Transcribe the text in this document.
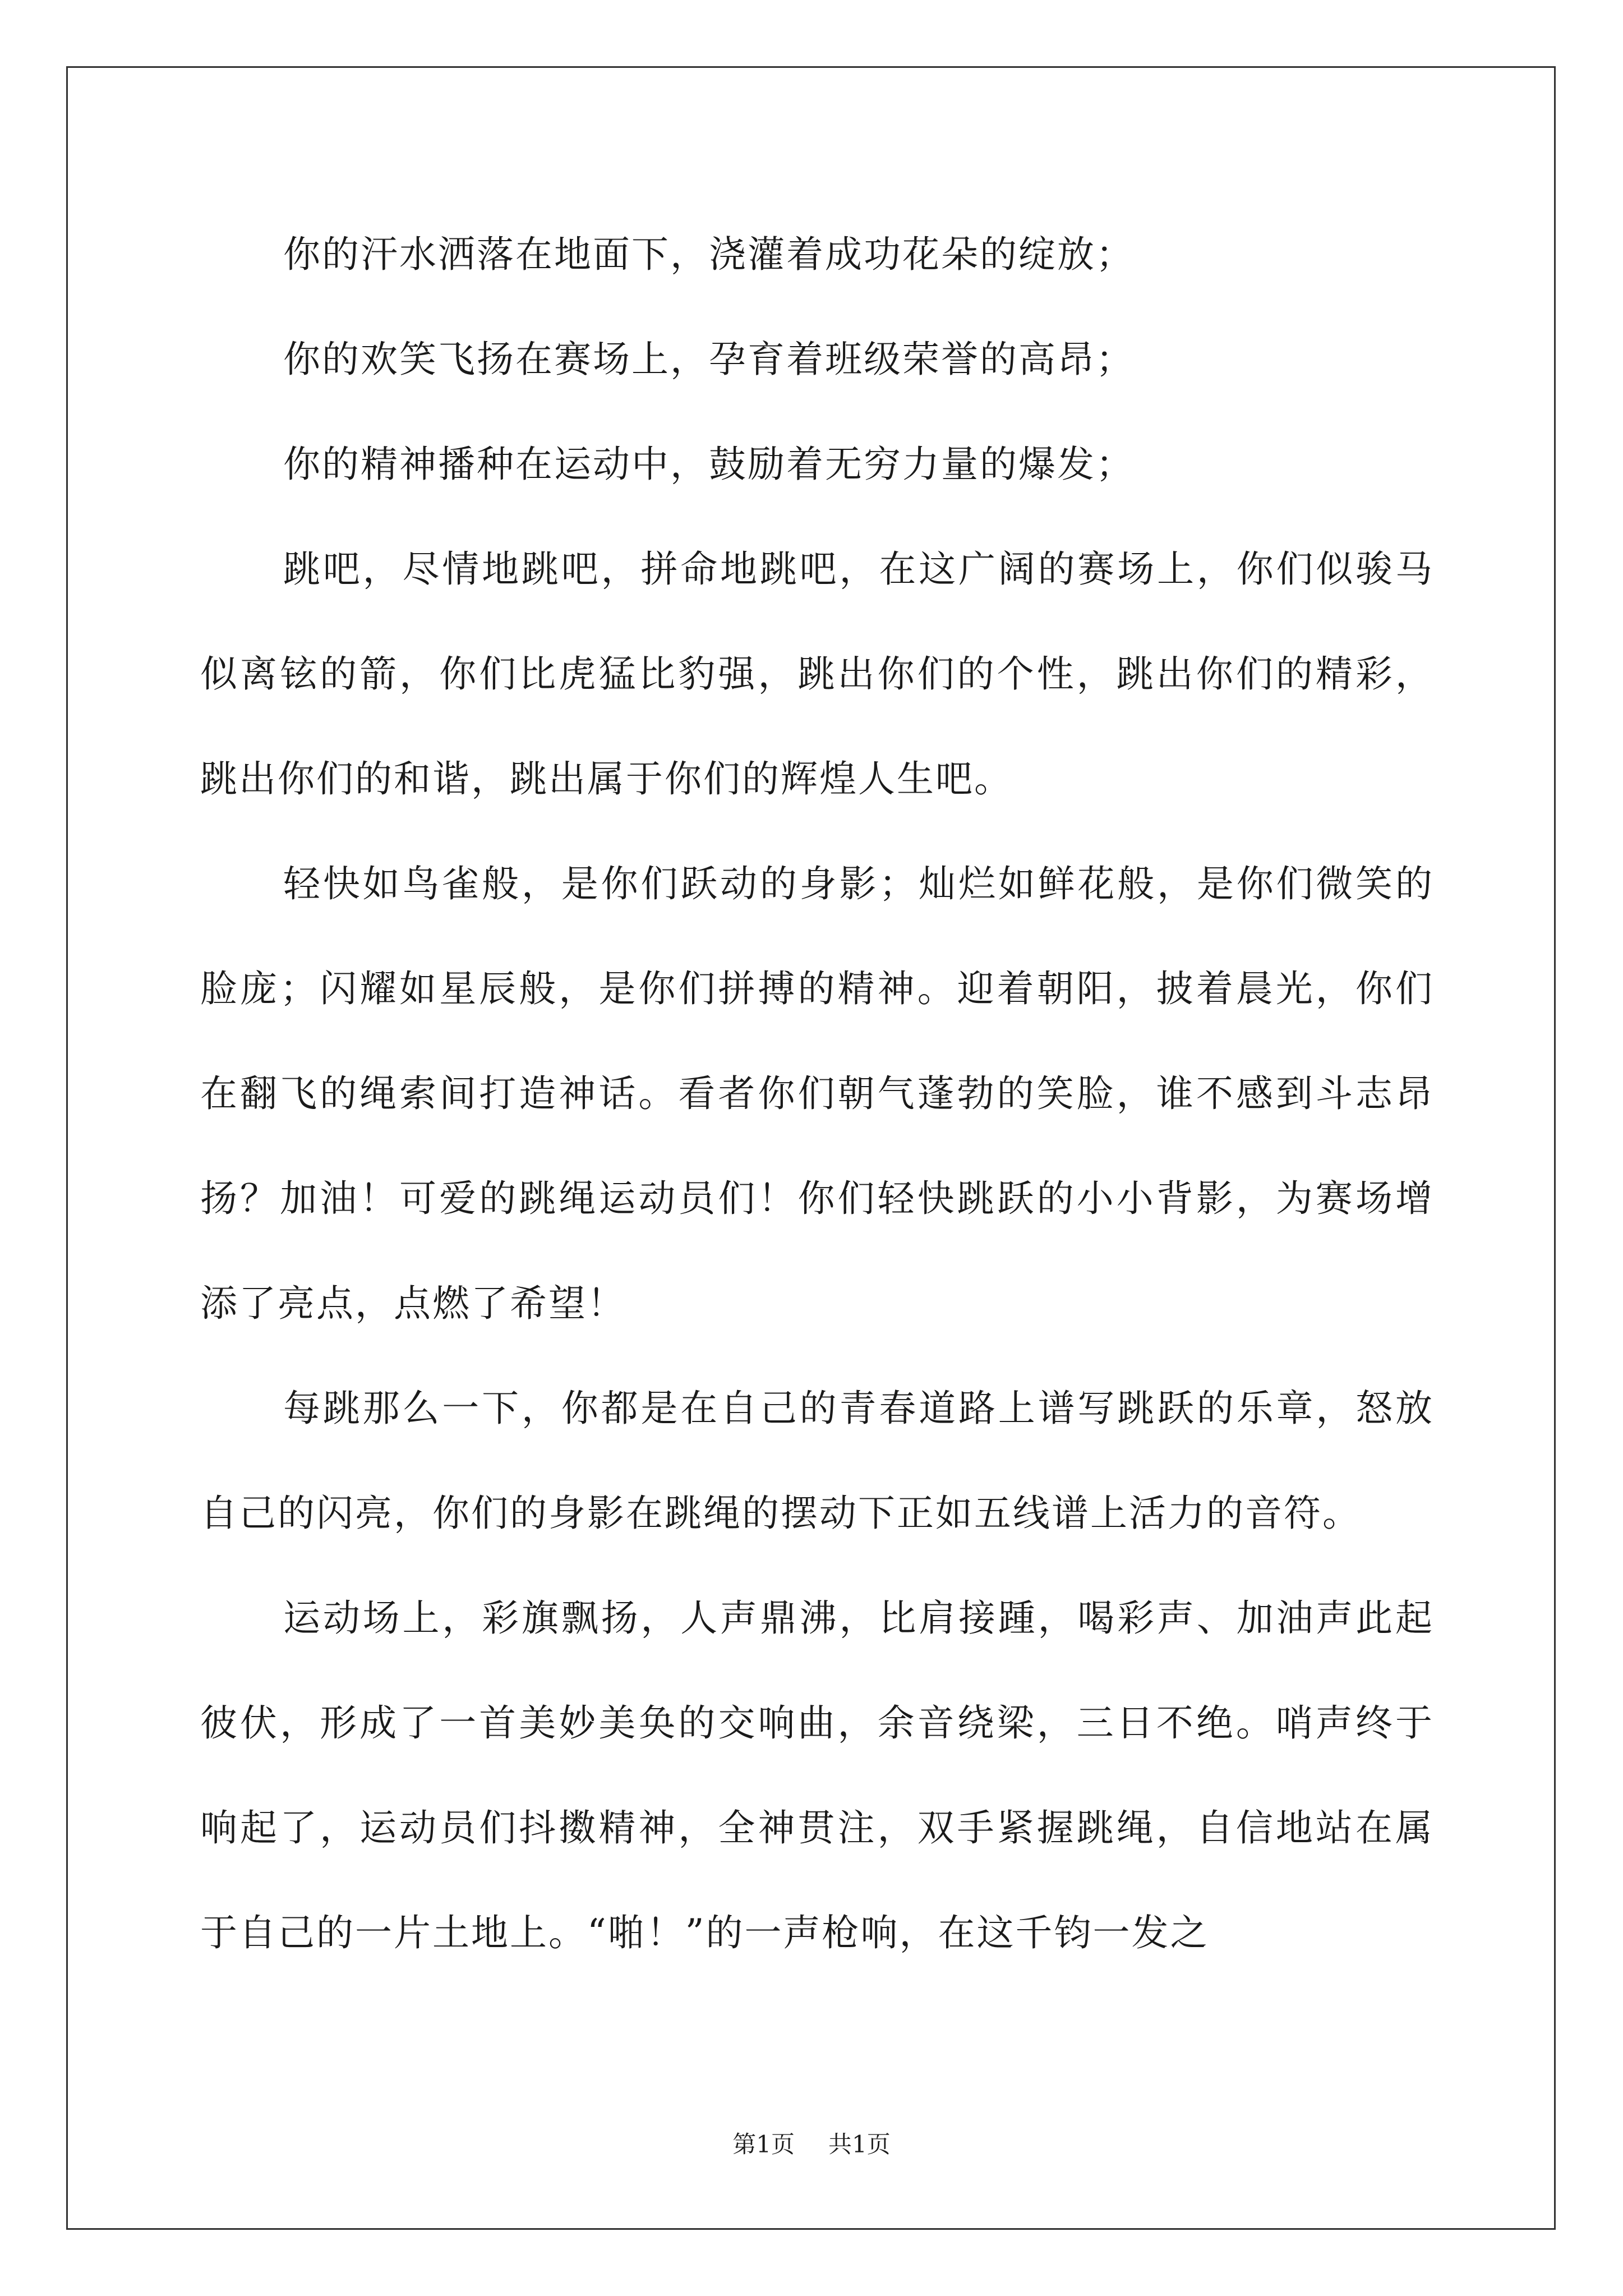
你的汗水洒落在地面下，浇灌着成功花朵的绽放；

你的欢笑飞扬在赛场上，孕育着班级荣誉的高昂；

你的精神播种在运动中，鼓励着无穷力量的爆发；

跳吧，尽情地跳吧，拼命地跳吧，在这广阔的赛场上，你们似骏马似离铉的箭，你们比虎猛比豹强，跳出你们的个性，跳出你们的精彩，跳出你们的和谐，跳出属于你们的辉煌人生吧。

轻快如鸟雀般，是你们跃动的身影；灿烂如鲜花般，是你们微笑的脸庞；闪耀如星辰般，是你们拼搏的精神。迎着朝阳，披着晨光，你们在翻飞的绳索间打造神话。看者你们朝气蓬勃的笑脸，谁不感到斗志昂扬？加油！可爱的跳绳运动员们！你们轻快跳跃的小小背影，为赛场增添了亮点，点燃了希望！

每跳那么一下，你都是在自己的青春道路上谱写跳跃的乐章，怒放自己的闪亮，你们的身影在跳绳的摆动下正如五线谱上活力的音符。

运动场上，彩旗飘扬，人声鼎沸，比肩接踵，喝彩声、加油声此起彼伏，形成了一首美妙美奂的交响曲，余音绕梁，三日不绝。哨声终于响起了，运动员们抖擞精神，全神贯注，双手紧握跳绳，自信地站在属于自己的一片土地上。“啪！”的一声枪响，在这千钧一发之

第1页 共1页
